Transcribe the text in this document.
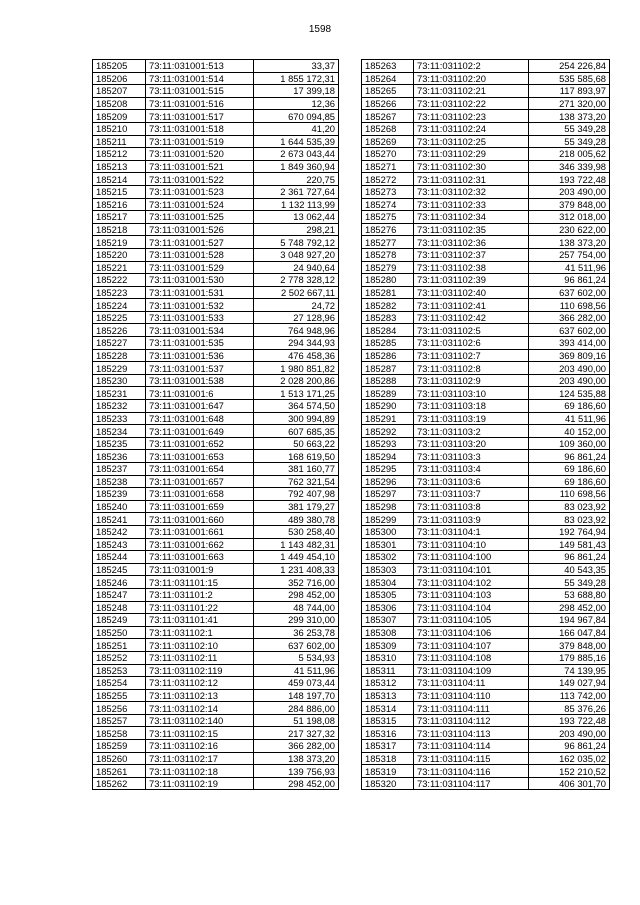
1598
185205	73:11:031001:513	33,37
185206	73:11:031001:514	1 855 172,31
185207	73:11:031001:515	17 399,18
185208	73:11:031001:516	12,36
185209	73:11:031001:517	670 094,85
185210	73:11:031001:518	41,20
185211	73:11:031001:519	1 644 535,39
185212	73:11:031001:520	2 673 043,44
185213	73:11:031001:521	1 849 360,94
185214	73:11:031001:522	220,75
185215	73:11:031001:523	2 361 727,64
185216	73:11:031001:524	1 132 113,99
185217	73:11:031001:525	13 062,44
185218	73:11:031001:526	298,21
185219	73:11:031001:527	5 748 792,12
185220	73:11:031001:528	3 048 927,20
185221	73:11:031001:529	24 940,64
185222	73:11:031001:530	2 778 328,12
185223	73:11:031001:531	2 502 667,11
185224	73:11:031001:532	24,72
185225	73:11:031001:533	27 128,96
185226	73:11:031001:534	764 948,96
185227	73:11:031001:535	294 344,93
185228	73:11:031001:536	476 458,36
185229	73:11:031001:537	1 980 851,82
185230	73:11:031001:538	2 028 200,86
185231	73:11:031001:6	1 513 171,25
185232	73:11:031001:647	364 574,50
185233	73:11:031001:648	300 994,89
185234	73:11:031001:649	607 685,35
185235	73:11:031001:652	50 663,22
185236	73:11:031001:653	168 619,50
185237	73:11:031001:654	381 160,77
185238	73:11:031001:657	762 321,54
185239	73:11:031001:658	792 407,98
185240	73:11:031001:659	381 179,27
185241	73:11:031001:660	489 380,78
185242	73:11:031001:661	530 258,40
185243	73:11:031001:662	1 143 482,31
185244	73:11:031001:663	1 449 454,10
185245	73:11:031001:9	1 231 408,33
185246	73:11:031101:15	352 716,00
185247	73:11:031101:2	298 452,00
185248	73:11:031101:22	48 744,00
185249	73:11:031101:41	299 310,00
185250	73:11:031102:1	36 253,78
185251	73:11:031102:10	637 602,00
185252	73:11:031102:11	5 534,93
185253	73:11:031102:119	41 511,96
185254	73:11:031102:12	459 073,44
185255	73:11:031102:13	148 197,70
185256	73:11:031102:14	284 886,00
185257	73:11:031102:140	51 198,08
185258	73:11:031102:15	217 327,32
185259	73:11:031102:16	366 282,00
185260	73:11:031102:17	138 373,20
185261	73:11:031102:18	139 756,93
185262	73:11:031102:19	298 452,00
185263	73:11:031102:2	254 226,84
185264	73:11:031102:20	535 585,68
185265	73:11:031102:21	117 893,97
185266	73:11:031102:22	271 320,00
185267	73:11:031102:23	138 373,20
185268	73:11:031102:24	55 349,28
185269	73:11:031102:25	55 349,28
185270	73:11:031102:29	218 005,62
185271	73:11:031102:30	346 339,98
185272	73:11:031102:31	193 722,48
185273	73:11:031102:32	203 490,00
185274	73:11:031102:33	379 848,00
185275	73:11:031102:34	312 018,00
185276	73:11:031102:35	230 622,00
185277	73:11:031102:36	138 373,20
185278	73:11:031102:37	257 754,00
185279	73:11:031102:38	41 511,96
185280	73:11:031102:39	96 861,24
185281	73:11:031102:40	637 602,00
185282	73:11:031102:41	110 698,56
185283	73:11:031102:42	366 282,00
185284	73:11:031102:5	637 602,00
185285	73:11:031102:6	393 414,00
185286	73:11:031102:7	369 809,16
185287	73:11:031102:8	203 490,00
185288	73:11:031102:9	203 490,00
185289	73:11:031103:10	124 535,88
185290	73:11:031103:18	69 186,60
185291	73:11:031103:19	41 511,96
185292	73:11:031103:2	40 152,00
185293	73:11:031103:20	109 360,00
185294	73:11:031103:3	96 861,24
185295	73:11:031103:4	69 186,60
185296	73:11:031103:6	69 186,60
185297	73:11:031103:7	110 698,56
185298	73:11:031103:8	83 023,92
185299	73:11:031103:9	83 023,92
185300	73:11:031104:1	192 764,94
185301	73:11:031104:10	149 581,43
185302	73:11:031104:100	96 861,24
185303	73:11:031104:101	40 543,35
185304	73:11:031104:102	55 349,28
185305	73:11:031104:103	53 688,80
185306	73:11:031104:104	298 452,00
185307	73:11:031104:105	194 967,84
185308	73:11:031104:106	166 047,84
185309	73:11:031104:107	379 848,00
185310	73:11:031104:108	179 885,16
185311	73:11:031104:109	74 139,95
185312	73:11:031104:11	149 027,94
185313	73:11:031104:110	113 742,00
185314	73:11:031104:111	85 376,26
185315	73:11:031104:112	193 722,48
185316	73:11:031104:113	203 490,00
185317	73:11:031104:114	96 861,24
185318	73:11:031104:115	162 035,02
185319	73:11:031104:116	152 210,52
185320	73:11:031104:117	406 301,70
